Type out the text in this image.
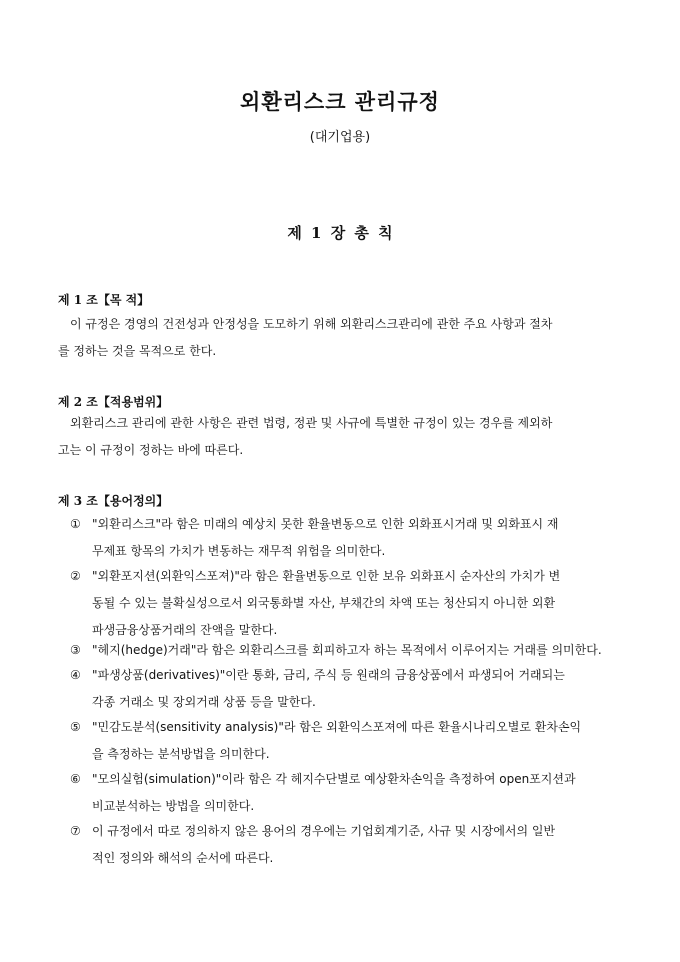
외환리스크 관리규정
(대기업용)
제 1 장 총 칙
제 1 조【목 적】
이 규정은 경영의 건전성과 안정성을 도모하기 위해 외환리스크관리에 관한 주요 사항과 절차
를 정하는 것을 목적으로 한다.
제 2 조【적용범위】
외환리스크 관리에 관한 사항은 관련 법령, 정관 및 사규에 특별한 규정이 있는 경우를 제외하
고는 이 규정이 정하는 바에 따른다.
제 3 조【용어정의】
① "외환리스크"라 함은 미래의 예상치 못한 환율변동으로 인한 외화표시거래 및 외화표시 재
무제표 항목의 가치가 변동하는 재무적 위험을 의미한다.
② "외환포지션(외환익스포져)"라 함은 환율변동으로 인한 보유 외화표시 순자산의 가치가 변
동될 수 있는 불확실성으로서 외국통화별 자산, 부채간의 차액 또는 청산되지 아니한 외환
파생금융상품거래의 잔액을 말한다.
③ "헤지(hedge)거래"라 함은 외환리스크를 회피하고자 하는 목적에서 이루어지는 거래를 의미한다.
④ "파생상품(derivatives)"이란 통화, 금리, 주식 등 원래의 금융상품에서 파생되어 거래되는
각종 거래소 및 장외거래 상품 등을 말한다.
⑤ "민감도분석(sensitivity analysis)"라 함은 외환익스포져에 따른 환율시나리오별로 환차손익
을 측정하는 분석방법을 의미한다.
⑥ "모의실험(simulation)"이라 함은 각 헤지수단별로 예상환차손익을 측정하여 open포지션과
비교분석하는 방법을 의미한다.
⑦ 이 규정에서 따로 정의하지 않은 용어의 경우에는 기업회계기준, 사규 및 시장에서의 일반
적인 정의와 해석의 순서에 따른다.
